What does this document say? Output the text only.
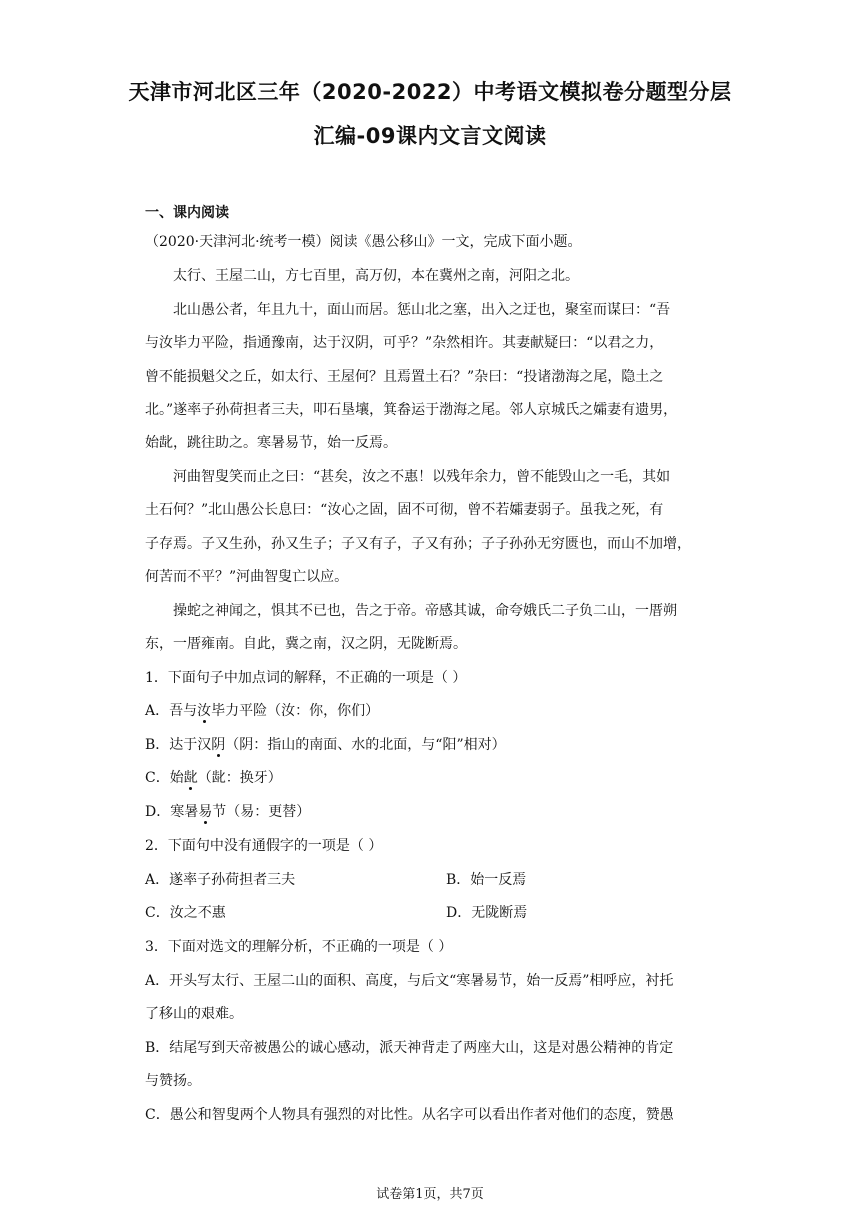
天津市河北区三年（2020-2022）中考语文模拟卷分题型分层
汇编-09课内文言文阅读
一、课内阅读
（2020·天津河北·统考一模）阅读《愚公移山》一文，完成下面小题。
太行、王屋二山，方七百里，高万仞，本在冀州之南，河阳之北。
北山愚公者，年且九十，面山而居。惩山北之塞，出入之迂也，聚室而谋曰：“吾
与汝毕力平险，指通豫南，达于汉阴，可乎？”杂然相许。其妻献疑曰：“以君之力，
曾不能损魁父之丘，如太行、王屋何？且焉置土石？”杂曰：“投诸渤海之尾，隐土之
北。”遂率子孙荷担者三夫，叩石垦壤，箕畚运于渤海之尾。邻人京城氏之孀妻有遗男，
始龀，跳往助之。寒暑易节，始一反焉。
河曲智叟笑而止之曰：“甚矣，汝之不惠！以残年余力，曾不能毁山之一毛，其如
土石何？”北山愚公长息曰：“汝心之固，固不可彻，曾不若孀妻弱子。虽我之死，有
子存焉。子又生孙，孙又生子；子又有子，子又有孙；子子孙孙无穷匮也，而山不加增，
何苦而不平？”河曲智叟亡以应。
操蛇之神闻之，惧其不已也，告之于帝。帝感其诚，命夸娥氏二子负二山，一厝朔
东，一厝雍南。自此，冀之南，汉之阴，无陇断焉。
1．下面句子中加点词的解释，不正确的一项是（ ）
A．吾与汝毕力平险（汝：你，你们）
B．达于汉阴（阴：指山的南面、水的北面，与“阳”相对）
C．始龀（龀：换牙）
D．寒暑易节（易：更替）
2．下面句中没有通假字的一项是（ ）
A．遂率子孙荷担者三夫	B．始一反焉
C．汝之不惠	D．无陇断焉
3．下面对选文的理解分析，不正确的一项是（ ）
A．开头写太行、王屋二山的面积、高度，与后文“寒暑易节，始一反焉”相呼应，衬托
了移山的艰难。
B．结尾写到天帝被愚公的诚心感动，派天神背走了两座大山，这是对愚公精神的肯定
与赞扬。
C．愚公和智叟两个人物具有强烈的对比性。从名字可以看出作者对他们的态度，赞愚
试卷第1页，共7页
